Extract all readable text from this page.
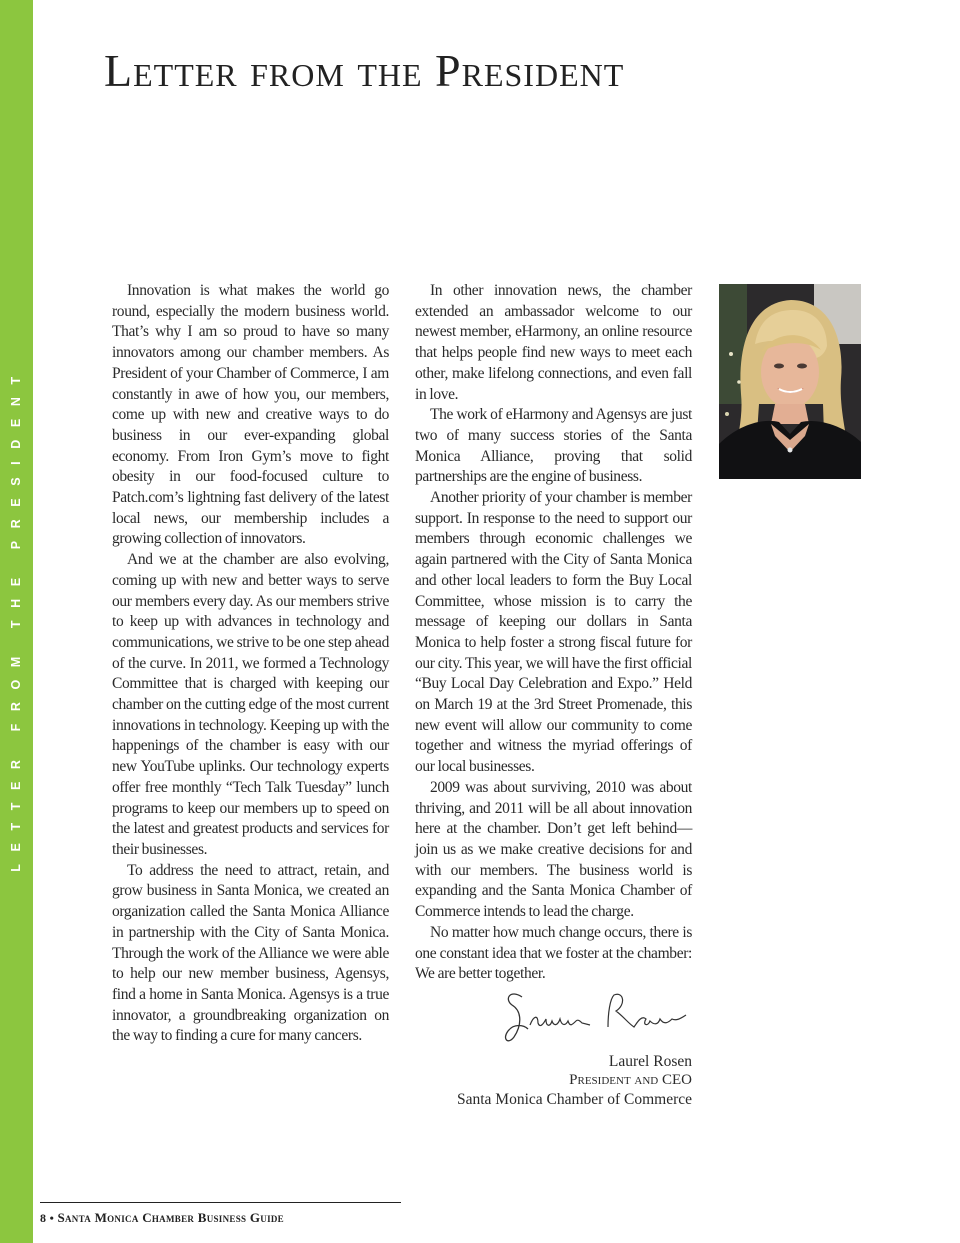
LETTER FROM THE PRESIDENT
Letter from the President

Innovation is what makes the world go round, especially the modern business world. That’s why I am so proud to have so many innovators among our chamber members. As President of your Chamber of Commerce, I am constantly in awe of how you, our members, come up with new and creative ways to do business in our ever-expanding global economy. From Iron Gym’s move to fight obesity in our food-focused culture to Patch.com’s lightning fast delivery of the latest local news, our membership includes a growing collection of innovators.

And we at the chamber are also evolving, coming up with new and better ways to serve our members every day. As our members strive to keep up with advances in technology and communications, we strive to be one step ahead of the curve. In 2011, we formed a Technology Committee that is charged with keeping our chamber on the cutting edge of the most current innovations in technology. Keeping up with the happenings of the chamber is easy with our new YouTube uplinks. Our technology experts offer free monthly “Tech Talk Tuesday” lunch programs to keep our members up to speed on the latest and greatest products and services for their businesses.

To address the need to attract, retain, and grow business in Santa Monica, we created an organization called the Santa Monica Alliance in partnership with the City of Santa Monica. Through the work of the Alliance we were able to help our new member business, Agensys, find a home in Santa Monica. Agensys is a true innovator, a groundbreaking organization on the way to finding a cure for many cancers.

In other innovation news, the chamber extended an ambassador welcome to our newest member, eHarmony, an online resource that helps people find new ways to meet each other, make lifelong connections, and even fall in love.

The work of eHarmony and Agensys are just two of many success stories of the Santa Monica Alliance, proving that solid partnerships are the engine of business.

Another priority of your chamber is member support. In response to the need to support our members through economic challenges we again partnered with the City of Santa Monica and other local leaders to form the Buy Local Committee, whose mission is to carry the message of keeping our dollars in Santa Monica to help foster a strong fiscal future for our city. This year, we will have the first official “Buy Local Day Celebration and Expo.” Held on March 19 at the 3rd Street Promenade, this new event will allow our community to come together and witness the myriad offerings of our local businesses.

2009 was about surviving, 2010 was about thriving, and 2011 will be all about innovation here at the chamber. Don’t get left behind—join us as we make creative decisions for and with our members. The business world is expanding and the Santa Monica Chamber of Commerce intends to lead the charge.

No matter how much change occurs, there is one constant idea that we foster at the chamber: We are better together.

Laurel Rosen
President and CEO
Santa Monica Chamber of Commerce
8 • Santa Monica Chamber Business Guide
